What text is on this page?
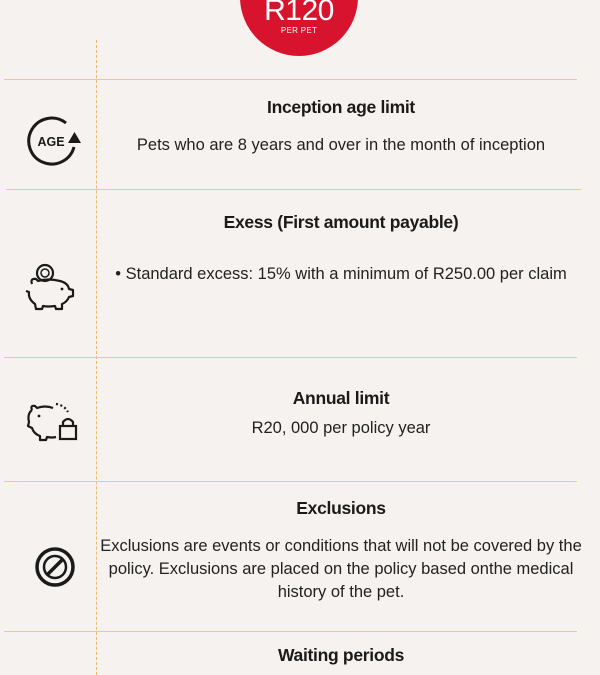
R120
PER PET
AGE
Inception age limit
Pets who are 8 years and over in the month of inception
Exess (First amount payable)
• Standard excess: 15% with a minimum of R250.00 per claim
Annual limit
R20, 000 per policy year
Exclusions
Exclusions are events or conditions that will not be covered by the policy. Exclusions are placed on the policy based onthe medical history of the pet.
Waiting periods
